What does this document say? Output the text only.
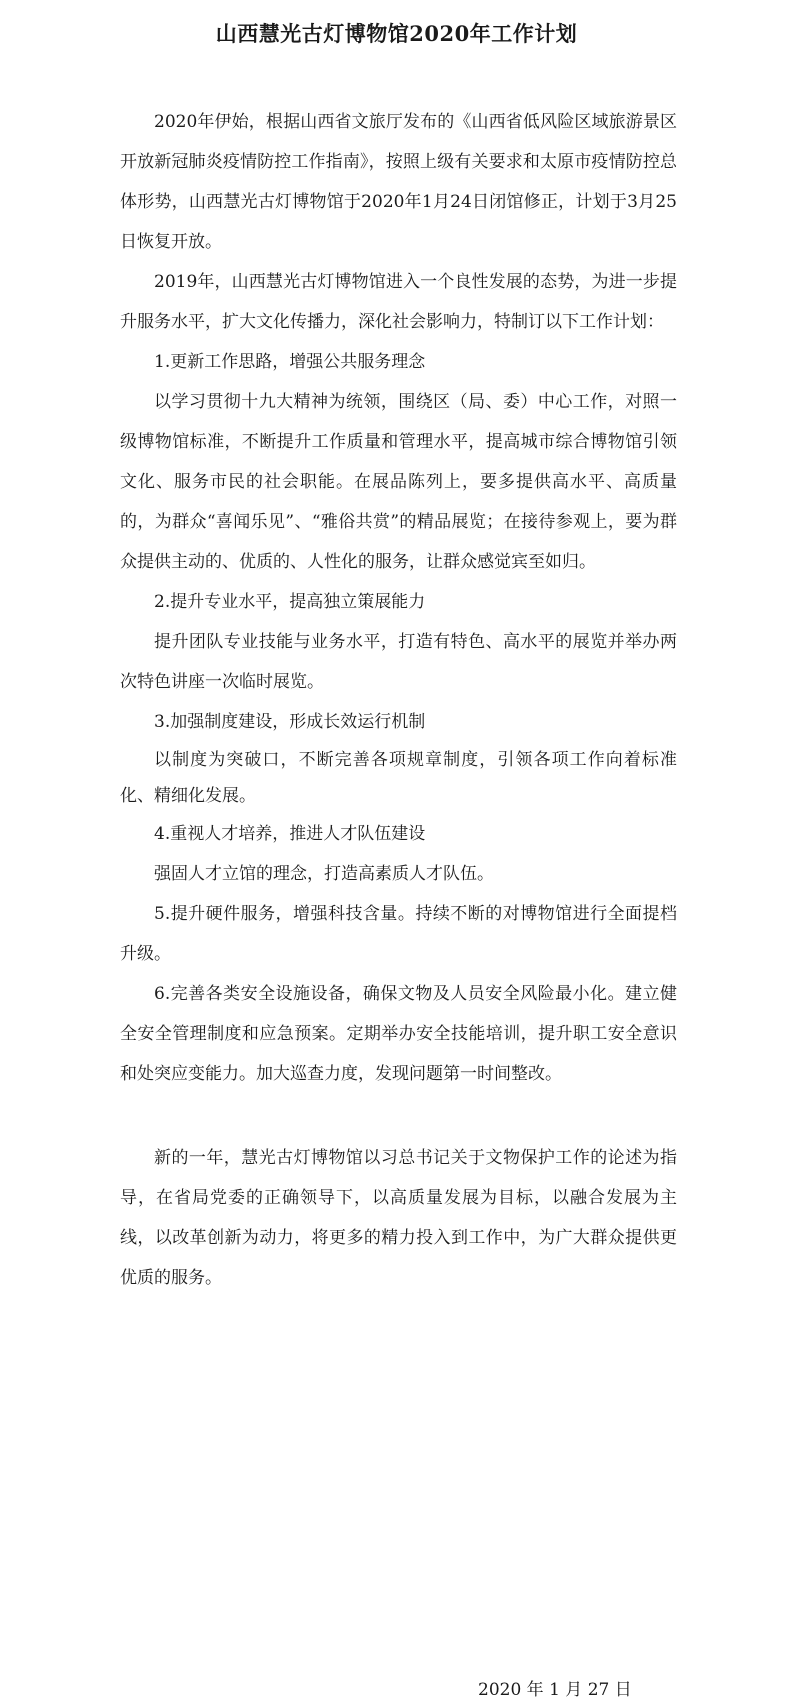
山西慧光古灯博物馆2020年工作计划

2020年伊始，根据山西省文旅厅发布的《山西省低风险区域旅游景区开放新冠肺炎疫情防控工作指南》，按照上级有关要求和太原市疫情防控总体形势，山西慧光古灯博物馆于2020年1月24日闭馆修正，计划于3月25日恢复开放。

2019年，山西慧光古灯博物馆进入一个良性发展的态势，为进一步提升服务水平，扩大文化传播力，深化社会影响力，特制订以下工作计划：

1.更新工作思路，增强公共服务理念

以学习贯彻十九大精神为统领，围绕区（局、委）中心工作，对照一级博物馆标准，不断提升工作质量和管理水平，提高城市综合博物馆引领文化、服务市民的社会职能。在展品陈列上，要多提供高水平、高质量的，为群众“喜闻乐见”、“雅俗共赏”的精品展览；在接待参观上，要为群众提供主动的、优质的、人性化的服务，让群众感觉宾至如归。

2.提升专业水平，提高独立策展能力

提升团队专业技能与业务水平，打造有特色、高水平的展览并举办两次特色讲座一次临时展览。

3.加强制度建设，形成长效运行机制

以制度为突破口，不断完善各项规章制度，引领各项工作向着标准化、精细化发展。

4.重视人才培养，推进人才队伍建设

强固人才立馆的理念，打造高素质人才队伍。

5.提升硬件服务，增强科技含量。持续不断的对博物馆进行全面提档升级。

6.完善各类安全设施设备，确保文物及人员安全风险最小化。建立健全安全管理制度和应急预案。定期举办安全技能培训，提升职工安全意识和处突应变能力。加大巡查力度，发现问题第一时间整改。

新的一年，慧光古灯博物馆以习总书记关于文物保护工作的论述为指导，在省局党委的正确领导下，以高质量发展为目标，以融合发展为主线，以改革创新为动力，将更多的精力投入到工作中，为广大群众提供更优质的服务。

2020 年 1 月 27 日
